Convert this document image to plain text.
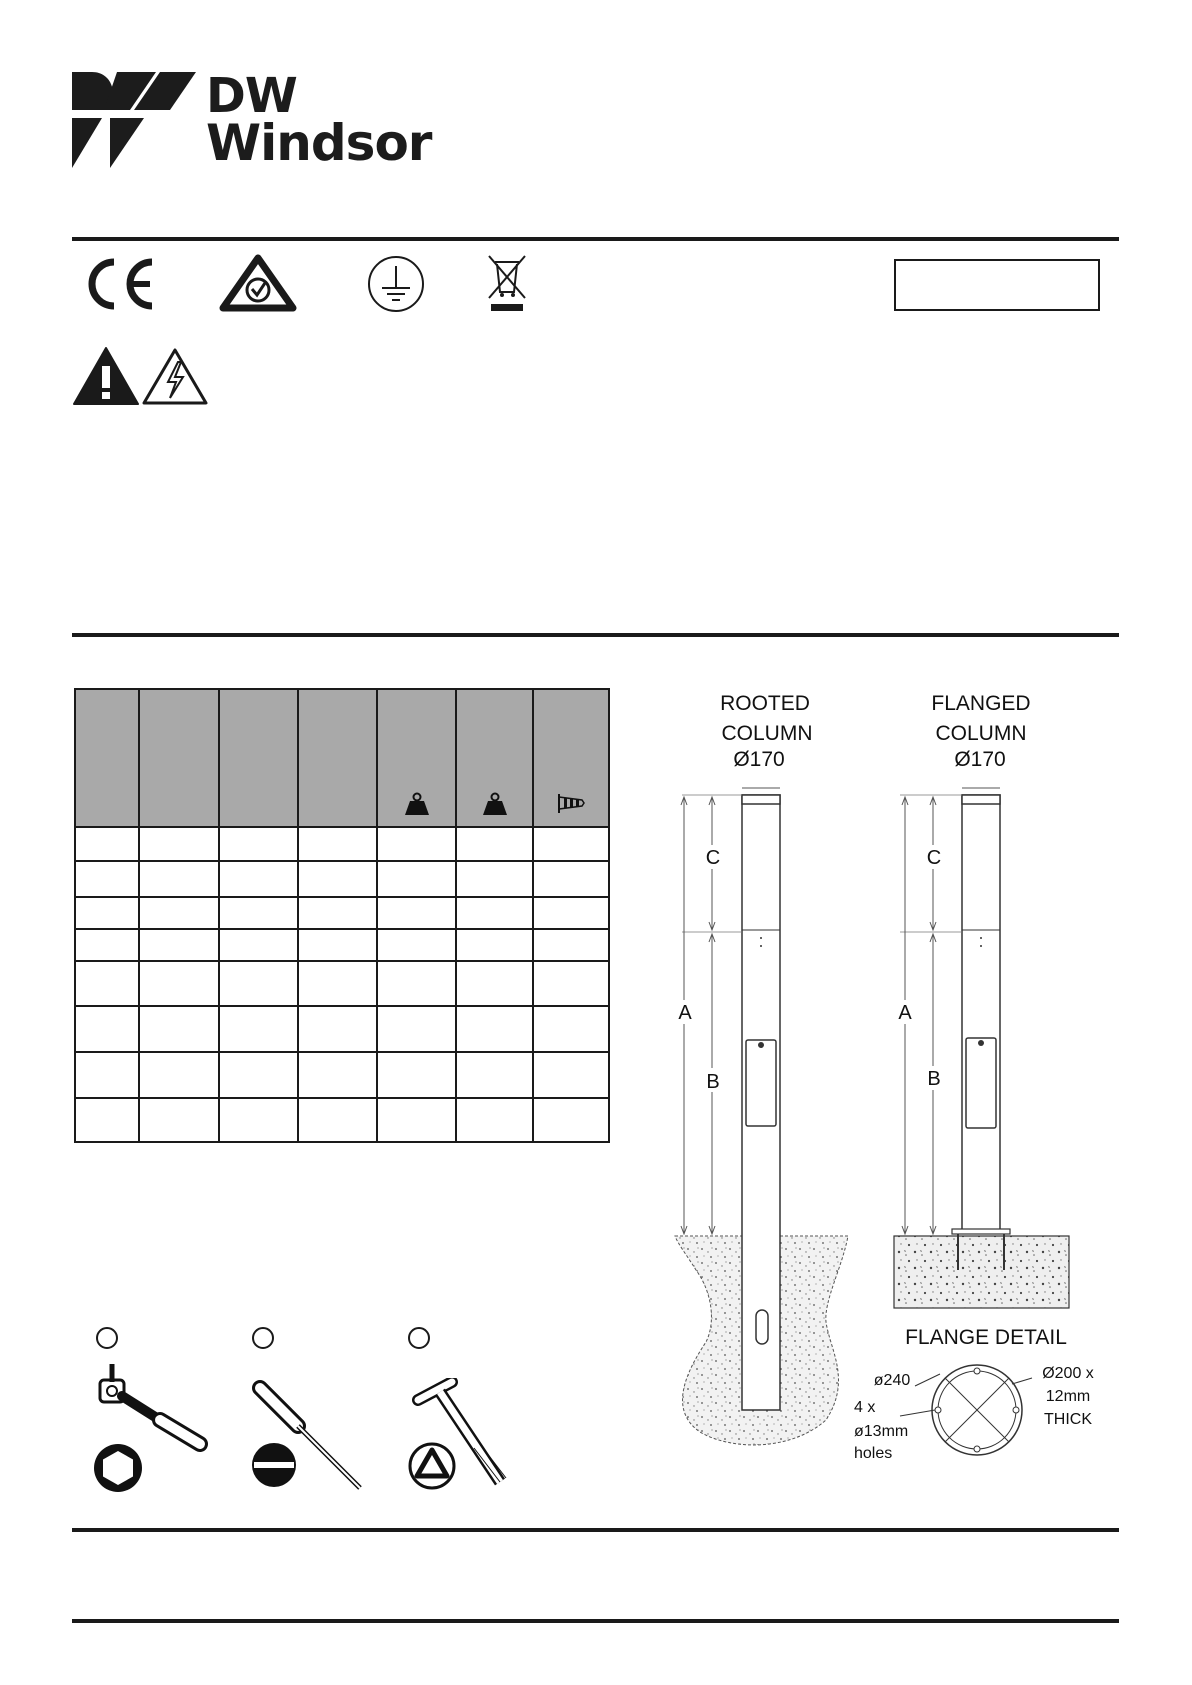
DW
Windsor

ROOTED
COLUMN
Ø170
A
C
B
FLANGED
COLUMN
Ø170
A
C
B
FLANGE DETAIL
ø240	Ø200 x
12mm
THICK
4 x
ø13mm
holes
